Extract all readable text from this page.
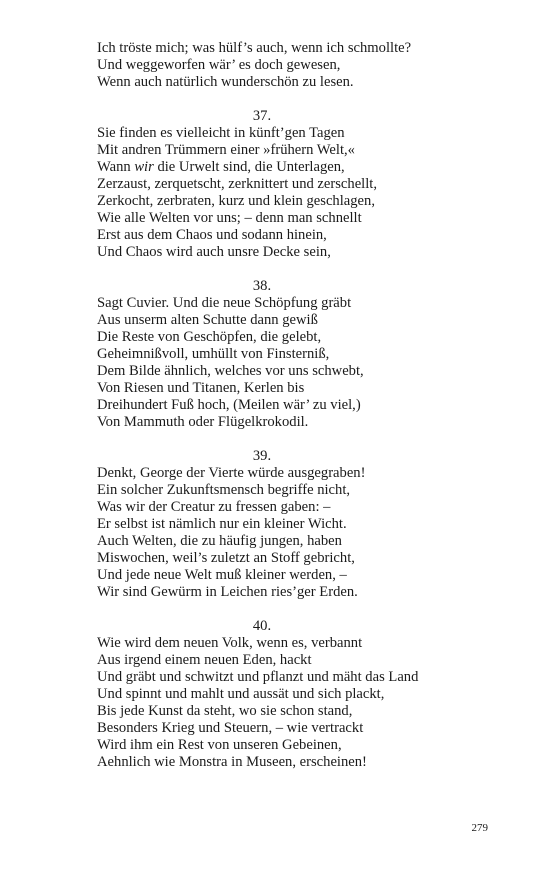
Ich tröste mich; was hülf’s auch, wenn ich schmollte?
Und weggeworfen wär’ es doch gewesen,
Wenn auch natürlich wunderschön zu lesen.
37.
Sie finden es vielleicht in künft’gen Tagen
Mit andren Trümmern einer »frühern Welt,«
Wann wir die Urwelt sind, die Unterlagen,
Zerzaust, zerquetscht, zerknittert und zerschellt,
Zerkocht, zerbraten, kurz und klein geschlagen,
Wie alle Welten vor uns; – denn man schnellt
Erst aus dem Chaos und sodann hinein,
Und Chaos wird auch unsre Decke sein,
38.
Sagt Cuvier. Und die neue Schöpfung gräbt
Aus unserm alten Schutte dann gewiß
Die Reste von Geschöpfen, die gelebt,
Geheimnißvoll, umhüllt von Finsterniß,
Dem Bilde ähnlich, welches vor uns schwebt,
Von Riesen und Titanen, Kerlen bis
Dreihundert Fuß hoch, (Meilen wär’ zu viel,)
Von Mammuth oder Flügelkrokodil.
39.
Denkt, George der Vierte würde ausgegraben!
Ein solcher Zukunftsmensch begriffe nicht,
Was wir der Creatur zu fressen gaben: –
Er selbst ist nämlich nur ein kleiner Wicht.
Auch Welten, die zu häufig jungen, haben
Miswochen, weil’s zuletzt an Stoff gebricht,
Und jede neue Welt muß kleiner werden, –
Wir sind Gewürm in Leichen ries’ger Erden.
40.
Wie wird dem neuen Volk, wenn es, verbannt
Aus irgend einem neuen Eden, hackt
Und gräbt und schwitzt und pflanzt und mäht das Land
Und spinnt und mahlt und aussät und sich plackt,
Bis jede Kunst da steht, wo sie schon stand,
Besonders Krieg und Steuern, – wie vertrackt
Wird ihm ein Rest von unseren Gebeinen,
Aehnlich wie Monstra in Museen, erscheinen!
279
